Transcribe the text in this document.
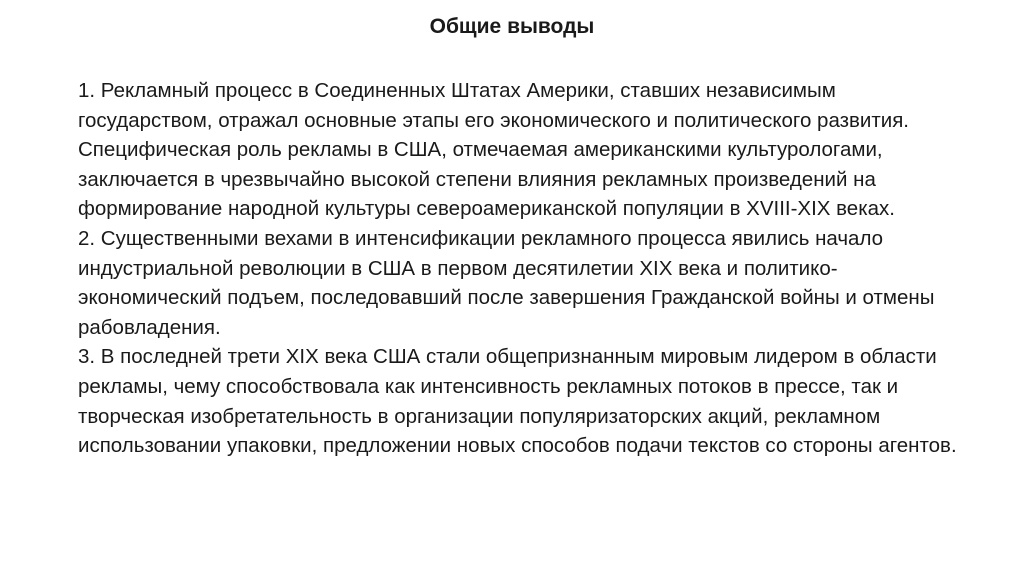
Общие выводы

1. Рекламный процесс в Соединенных Штатах Америки, ставших независимым государством, отражал основные этапы его экономического и политического развития. Специфическая роль рекламы в США, отмечаемая американскими культурологами, заключается в чрезвычайно высокой степени влияния рекламных произведений на формирование народной культуры североамериканской популяции в XVIII-XIX веках.

2. Существенными вехами в интенсификации рекламного процесса явились начало индустриальной революции в США в первом десятилетии XIX века и политико-экономический подъем, последовавший после завершения Гражданской войны и отмены рабовладения.

3. В последней трети XIX века США стали общепризнанным мировым лидером в области рекламы, чему способствовала как интенсивность рекламных потоков в прессе, так и творческая изобретательность в организации популяризаторских акций, рекламном использовании упаковки, предложении новых способов подачи текстов со стороны агентов.
